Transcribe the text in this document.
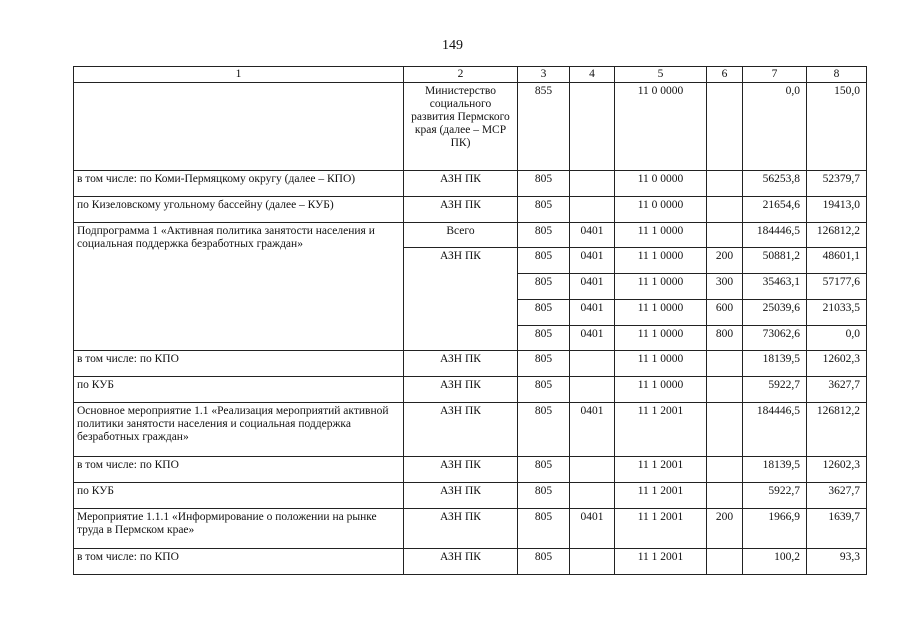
149
1	2	3	4	5	6	7	8
	Министерство социального развития Пермского края (далее – МСР ПК)	855		11 0 0000		0,0	150,0
в том числе: по Коми-Пермяцкому округу (далее – КПО)	АЗН ПК	805		11 0 0000		56253,8	52379,7
по Кизеловскому угольному бассейну (далее – КУБ)	АЗН ПК	805		11 0 0000		21654,6	19413,0
Подпрограмма 1 «Активная политика занятости населения и социальная поддержка безработных граждан»	Всего	805	0401	11 1 0000		184446,5	126812,2
	АЗН ПК	805	0401	11 1 0000	200	50881,2	48601,1
		805	0401	11 1 0000	300	35463,1	57177,6
		805	0401	11 1 0000	600	25039,6	21033,5
		805	0401	11 1 0000	800	73062,6	0,0
в том числе: по КПО	АЗН ПК	805		11 1 0000		18139,5	12602,3
по КУБ	АЗН ПК	805		11 1 0000		5922,7	3627,7
Основное мероприятие 1.1 «Реализация мероприятий активной политики занятости населения и социальная поддержка безработных граждан»	АЗН ПК	805	0401	11 1 2001		184446,5	126812,2
в том числе: по КПО	АЗН ПК	805		11 1 2001		18139,5	12602,3
по КУБ	АЗН ПК	805		11 1 2001		5922,7	3627,7
Мероприятие 1.1.1 «Информирование о положении на рынке труда в Пермском крае»	АЗН ПК	805	0401	11 1 2001	200	1966,9	1639,7
в том числе: по КПО	АЗН ПК	805		11 1 2001		100,2	93,3
